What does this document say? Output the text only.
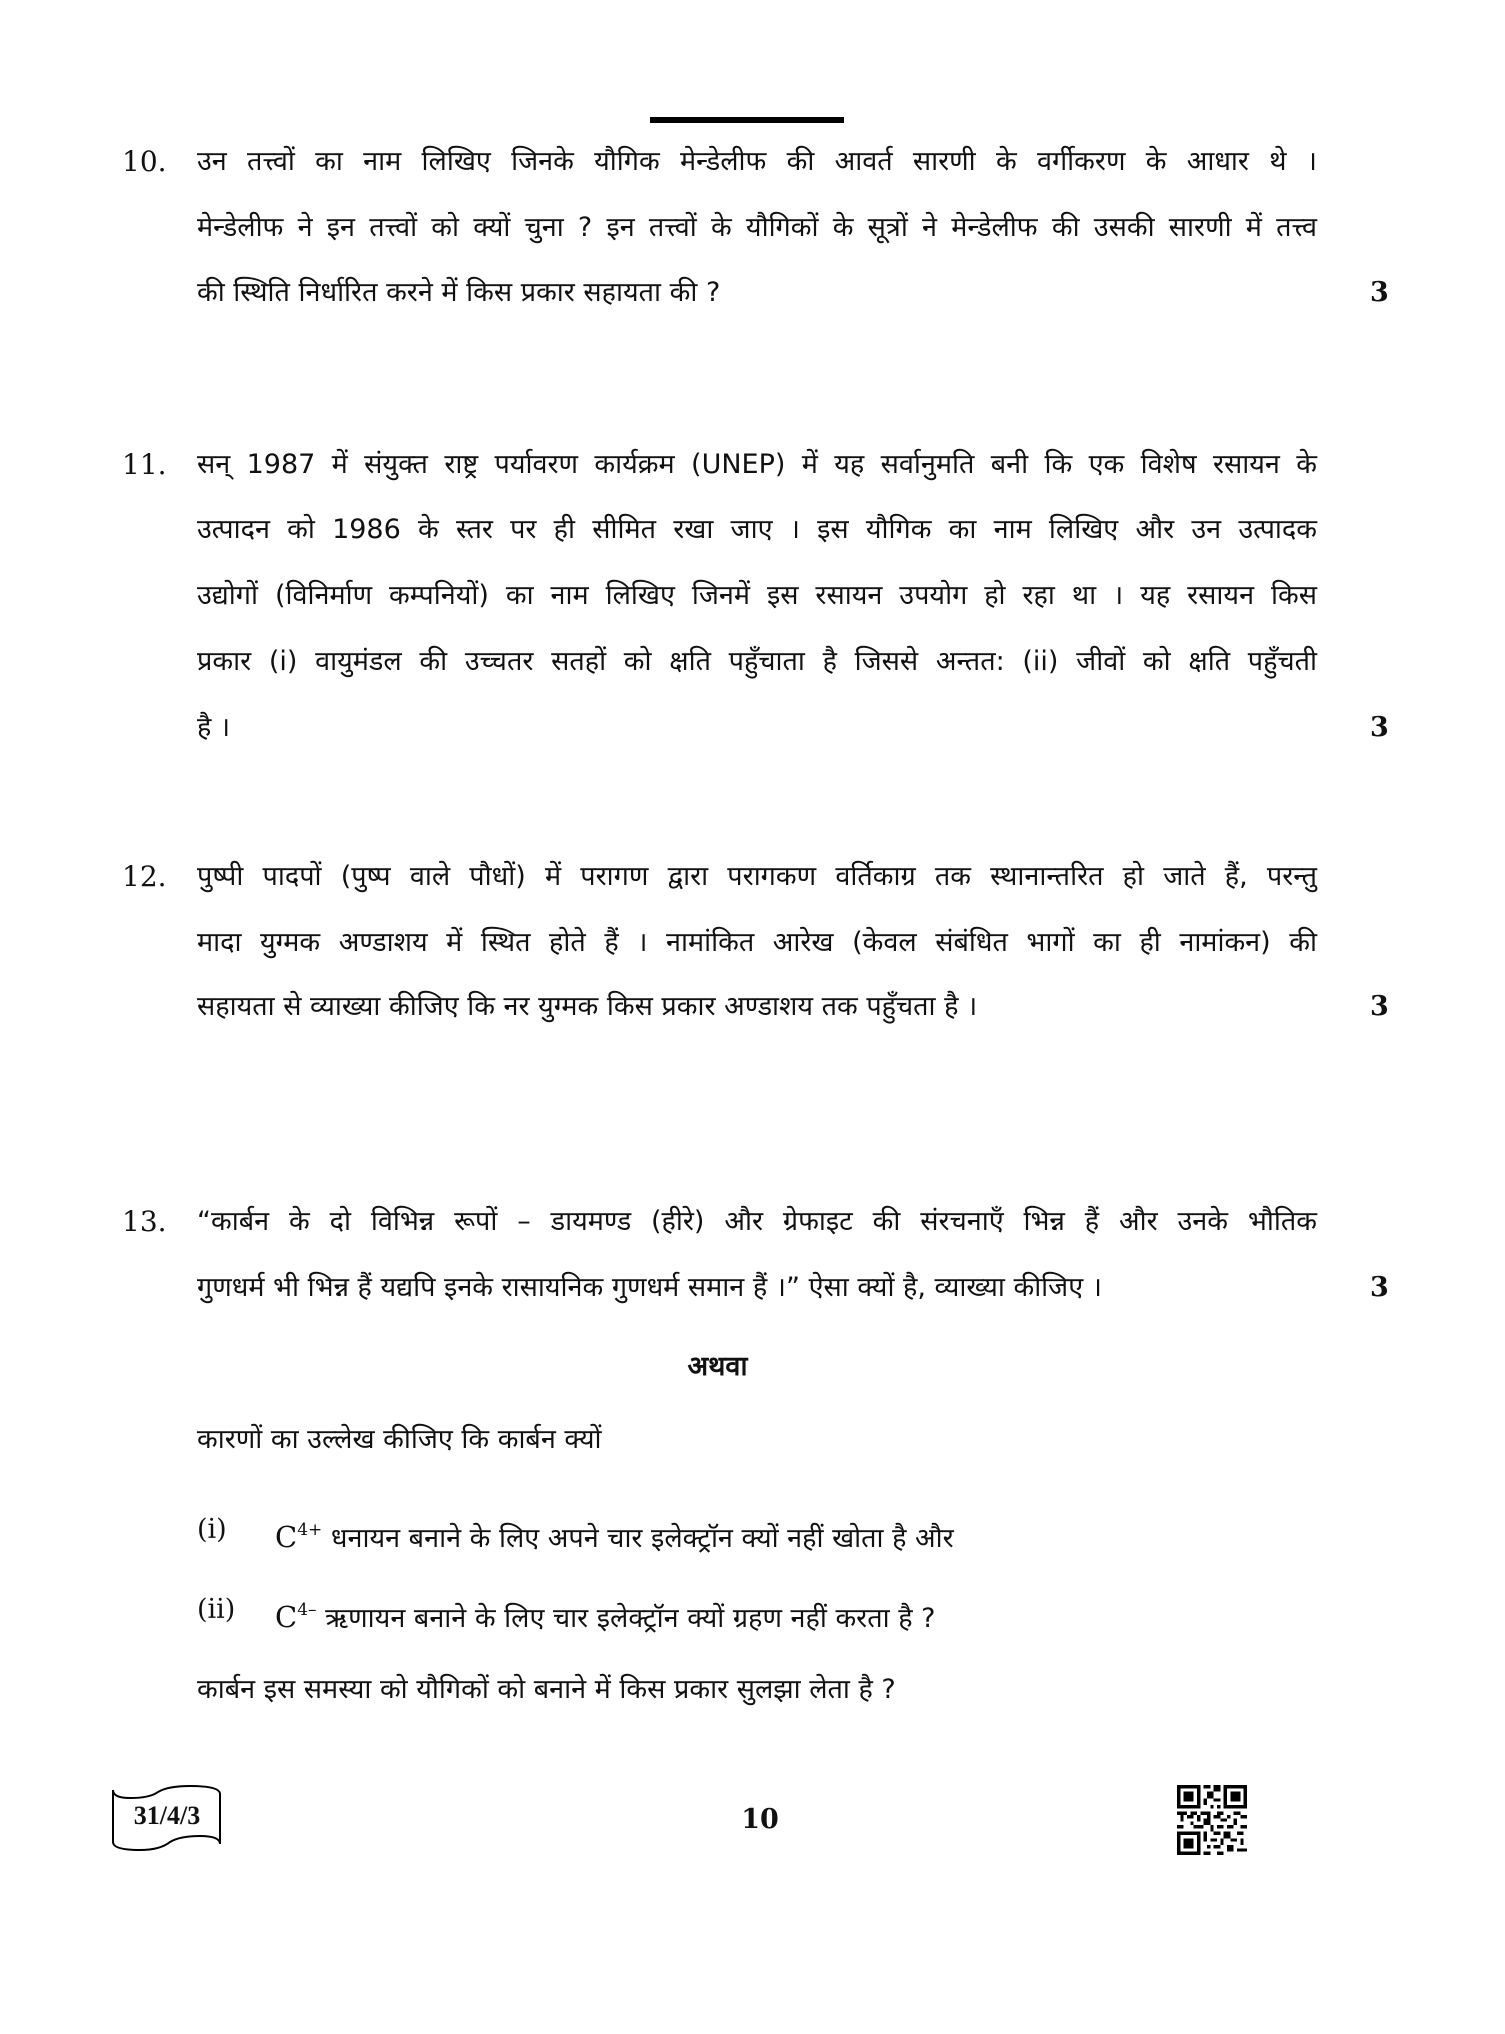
10. उन तत्त्वों का नाम लिखिए जिनके यौगिक मेन्डेलीफ की आवर्त सारणी के वर्गीकरण के आधार थे ।
मेन्डेलीफ ने इन तत्त्वों को क्यों चुना ? इन तत्त्वों के यौगिकों के सूत्रों ने मेन्डेलीफ की उसकी सारणी में तत्त्व
की स्थिति निर्धारित करने में किस प्रकार सहायता की ?	3
11. सन् 1987 में संयुक्त राष्ट्र पर्यावरण कार्यक्रम (UNEP) में यह सर्वानुमति बनी कि एक विशेष रसायन के
उत्पादन को 1986 के स्तर पर ही सीमित रखा जाए । इस यौगिक का नाम लिखिए और उन उत्पादक
उद्योगों (विनिर्माण कम्पनियों) का नाम लिखिए जिनमें इस रसायन उपयोग हो रहा था । यह रसायन किस
प्रकार (i) वायुमंडल की उच्चतर सतहों को क्षति पहुँचाता है जिससे अन्तत: (ii) जीवों को क्षति पहुँचती
है ।	3
12. पुष्पी पादपों (पुष्प वाले पौधों) में परागण द्वारा परागकण वर्तिकाग्र तक स्थानान्तरित हो जाते हैं, परन्तु
मादा युग्मक अण्डाशय में स्थित होते हैं । नामांकित आरेख (केवल संबंधित भागों का ही नामांकन) की
सहायता से व्याख्या कीजिए कि नर युग्मक किस प्रकार अण्डाशय तक पहुँचता है ।	3
13. “कार्बन के दो विभिन्न रूपों – डायमण्ड (हीरे) और ग्रेफाइट की संरचनाएँ भिन्न हैं और उनके भौतिक
गुणधर्म भी भिन्न हैं यद्यपि इनके रासायनिक गुणधर्म समान हैं ।” ऐसा क्यों है, व्याख्या कीजिए ।	3
अथवा
कारणों का उल्लेख कीजिए कि कार्बन क्यों
(i) $C^{4+}$ धनायन बनाने के लिए अपने चार इलेक्ट्रॉन क्यों नहीं खोता है और
(ii) $C^{4-}$ ऋणायन बनाने के लिए चार इलेक्ट्रॉन क्यों ग्रहण नहीं करता है ?
कार्बन इस समस्या को यौगिकों को बनाने में किस प्रकार सुलझा लेता है ?
31/4/3	10
